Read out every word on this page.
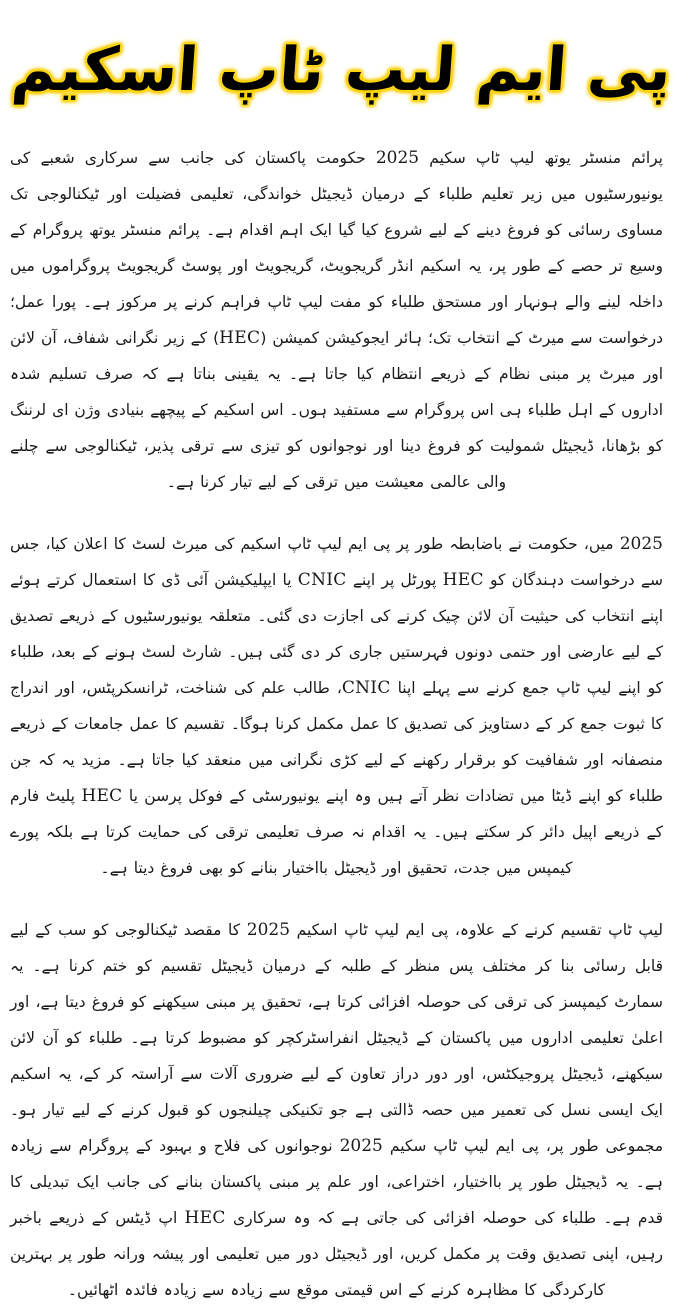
پی ایم لیپ ٹاپ اسکیم

پرائم منسٹر یوتھ لیپ ٹاپ سکیم 2025 حکومت پاکستان کی جانب سے سرکاری شعبے کی یونیورسٹیوں میں زیر تعلیم طلباء کے درمیان ڈیجیٹل خواندگی، تعلیمی فضیلت اور ٹیکنالوجی تک مساوی رسائی کو فروغ دینے کے لیے شروع کیا گیا ایک اہم اقدام ہے۔ پرائم منسٹر یوتھ پروگرام کے وسیع تر حصے کے طور پر، یہ اسکیم انڈر گریجویٹ، گریجویٹ اور پوسٹ گریجویٹ پروگراموں میں داخلہ لینے والے ہونہار اور مستحق طلباء کو مفت لیپ ٹاپ فراہم کرنے پر مرکوز ہے۔ پورا عمل؛ درخواست سے میرٹ کے انتخاب تک؛ ہائر ایجوکیشن کمیشن (HEC) کے زیر نگرانی شفاف، آن لائن اور میرٹ پر مبنی نظام کے ذریعے انتظام کیا جاتا ہے۔ یہ یقینی بناتا ہے کہ صرف تسلیم شدہ اداروں کے اہل طلباء ہی اس پروگرام سے مستفید ہوں۔ اس اسکیم کے پیچھے بنیادی وژن ای لرننگ کو بڑھانا، ڈیجیٹل شمولیت کو فروغ دینا اور نوجوانوں کو تیزی سے ترقی پذیر، ٹیکنالوجی سے چلنے والی عالمی معیشت میں ترقی کے لیے تیار کرنا ہے۔

2025 میں، حکومت نے باضابطہ طور پر پی ایم لیپ ٹاپ اسکیم کی میرٹ لسٹ کا اعلان کیا، جس سے درخواست دہندگان کو HEC پورٹل پر اپنے CNIC یا ایپلیکیشن آئی ڈی کا استعمال کرتے ہوئے اپنے انتخاب کی حیثیت آن لائن چیک کرنے کی اجازت دی گئی۔ متعلقہ یونیورسٹیوں کے ذریعے تصدیق کے لیے عارضی اور حتمی دونوں فہرستیں جاری کر دی گئی ہیں۔ شارٹ لسٹ ہونے کے بعد، طلباء کو اپنے لیپ ٹاپ جمع کرنے سے پہلے اپنا CNIC، طالب علم کی شناخت، ٹرانسکرپٹس، اور اندراج کا ثبوت جمع کر کے دستاویز کی تصدیق کا عمل مکمل کرنا ہوگا۔ تقسیم کا عمل جامعات کے ذریعے منصفانہ اور شفافیت کو برقرار رکھنے کے لیے کڑی نگرانی میں منعقد کیا جاتا ہے۔ مزید یہ کہ جن طلباء کو اپنے ڈیٹا میں تضادات نظر آتے ہیں وہ اپنے یونیورسٹی کے فوکل پرسن یا HEC پلیٹ فارم کے ذریعے اپیل دائر کر سکتے ہیں۔ یہ اقدام نہ صرف تعلیمی ترقی کی حمایت کرتا ہے بلکہ پورے کیمپس میں جدت، تحقیق اور ڈیجیٹل بااختیار بنانے کو بھی فروغ دیتا ہے۔

لیپ ٹاپ تقسیم کرنے کے علاوہ، پی ایم لیپ ٹاپ اسکیم 2025 کا مقصد ٹیکنالوجی کو سب کے لیے قابل رسائی بنا کر مختلف پس منظر کے طلبہ کے درمیان ڈیجیٹل تقسیم کو ختم کرنا ہے۔ یہ سمارٹ کیمپسز کی ترقی کی حوصلہ افزائی کرتا ہے، تحقیق پر مبنی سیکھنے کو فروغ دیتا ہے، اور اعلیٰ تعلیمی اداروں میں پاکستان کے ڈیجیٹل انفراسٹرکچر کو مضبوط کرتا ہے۔ طلباء کو آن لائن سیکھنے، ڈیجیٹل پروجیکٹس، اور دور دراز تعاون کے لیے ضروری آلات سے آراستہ کر کے، یہ اسکیم ایک ایسی نسل کی تعمیر میں حصہ ڈالتی ہے جو تکنیکی چیلنجوں کو قبول کرنے کے لیے تیار ہو۔ مجموعی طور پر، پی ایم لیپ ٹاپ سکیم 2025 نوجوانوں کی فلاح و بہبود کے پروگرام سے زیادہ ہے۔ یہ ڈیجیٹل طور پر بااختیار، اختراعی، اور علم پر مبنی پاکستان بنانے کی جانب ایک تبدیلی کا قدم ہے۔ طلباء کی حوصلہ افزائی کی جاتی ہے کہ وہ سرکاری HEC اپ ڈیٹس کے ذریعے باخبر رہیں، اپنی تصدیق وقت پر مکمل کریں، اور ڈیجیٹل دور میں تعلیمی اور پیشہ ورانہ طور پر بہترین کارکردگی کا مظاہرہ کرنے کے اس قیمتی موقع سے زیادہ سے زیادہ فائدہ اٹھائیں۔
